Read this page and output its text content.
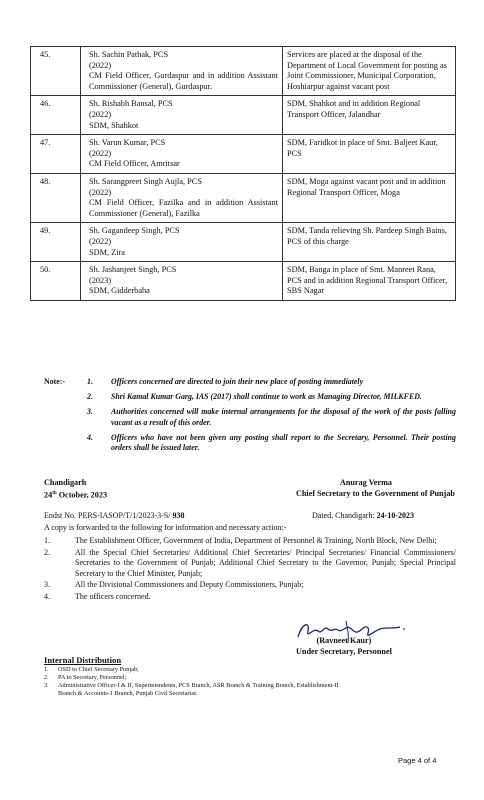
45.	Sh. Sachin Pathak, PCS
(2022)
CM Field Officer, Gurdaspur and in addition Assistant Commissioner (General), Gurdaspur.	Services are placed at the disposal of the Department of Local Government for posting as Joint Commissioner, Municipal Corporation, Hoshiarpur against vacant post
46.	Sh. Rishabh Bansal, PCS
(2022)
SDM, Shahkot	SDM, Shahkot and in addition Regional Transport Officer, Jalandhar
47.	Sh. Varun Kumar, PCS
(2022)
CM Field Officer, Amritsar	SDM, Faridkot in place of Smt. Baljeet Kaur, PCS
48.	Sh. Sarangpreet Singh Aujla, PCS
(2022)
CM Field Officer, Fazilka and in addition Assistant Commissioner (General), Fazilka	SDM, Moga against vacant post and in addition Regional Transport Officer, Moga
49.	Sh. Gagandeep Singh, PCS
(2022)
SDM, Zira	SDM, Tanda relieving Sh. Pardeep Singh Bains, PCS of this charge
50.	Sh. Jashanjeet Singh, PCS
(2023)
SDM, Gidderbaha	SDM, Banga in place of Smt. Manreet Rana, PCS and in addition Regional Transport Officer, SBS Nagar
Note:-	1. Officers concerned are directed to join their new place of posting immediately
2. Shri Kamal Kumar Garg, IAS (2017) shall continue to work as Managing Director, MILKFED.
3. Authorities concerned will make internal arrangements for the disposal of the work of the posts falling vacant as a result of this order.
4. Officers who have not been given any posting shall report to the Secretary, Personnel. Their posting orders shall be issued later.
Chandigarh
24th October, 2023
Anurag Verma
Chief Secretary to the Government of Punjab
Endst No. PERS-IASOP/T/1/2023-3-S/ 938	Dated, Chandigarh: 24-10-2023
A copy is forwarded to the following for information and necessary action:-
1.	The Establishment Officer, Government of India, Department of Personnel & Training, North Block, New Delhi;
2.	All the Special Chief Secretaries/ Additional Chief Secretaries/ Principal Secretaries/ Financial Commissioners/ Secretaries to the Government of Punjab; Additional Chief Secretary to the Governor, Punjab; Special Principal Secretary to the Chief Minister, Punjab;
3.	All the Divisional Commissioners and Deputy Commissioners, Punjab;
4.	The officers concerned.
(Ravneet Kaur)
Under Secretary, Personnel
Internal Distribution
1. OSD to Chief Secretary Punjab;
2. PA to Secretary, Personnel;
3. Administrative Officer-I & II, Superintendents, PCS Branch, ASR Branch & Training Branch, Establishment-II Branch & Accounts-1 Branch, Punjab Civil Secretariat.
Page 4 of 4
